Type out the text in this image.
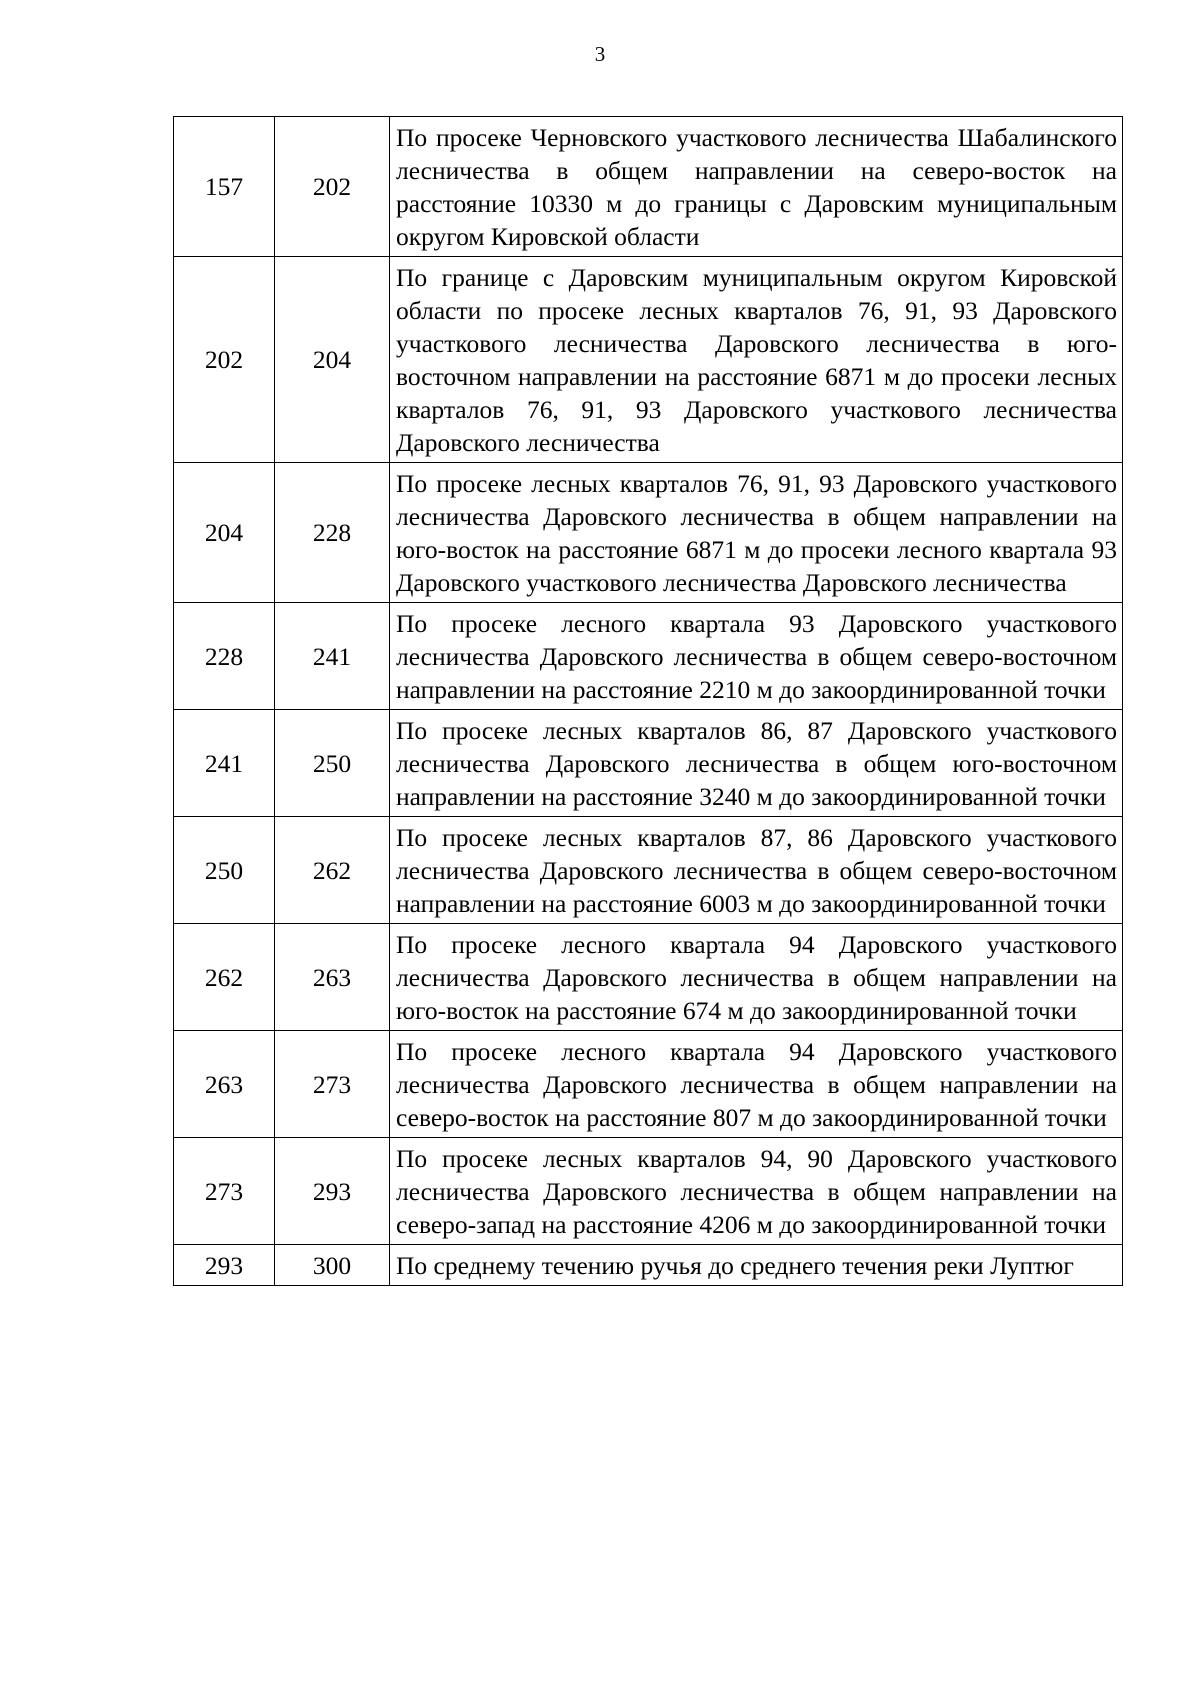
3
157	202	По просеке Черновского участкового лесничества Шабалинского лесничества в общем направлении на северо-восток на расстояние 10330 м до границы с Даровским муниципальным округом Кировской области
202	204	По границе с Даровским муниципальным округом Кировской области по просеке лесных кварталов 76, 91, 93 Даровского участкового лесничества Даровского лесничества в юго-восточном направлении на расстояние 6871 м до просеки лесных кварталов 76, 91, 93 Даровского участкового лесничества Даровского лесничества
204	228	По просеке лесных кварталов 76, 91, 93 Даровского участкового лесничества Даровского лесничества в общем направлении на юго-восток на расстояние 6871 м до просеки лесного квартала 93 Даровского участкового лесничества Даровского лесничества
228	241	По просеке лесного квартала 93 Даровского участкового лесничества Даровского лесничества в общем северо-восточном направлении на расстояние 2210 м до закоординированной точки
241	250	По просеке лесных кварталов 86, 87 Даровского участкового лесничества Даровского лесничества в общем юго-восточном направлении на расстояние 3240 м до закоординированной точки
250	262	По просеке лесных кварталов 87, 86 Даровского участкового лесничества Даровского лесничества в общем северо-восточном направлении на расстояние 6003 м до закоординированной точки
262	263	По просеке лесного квартала 94 Даровского участкового лесничества Даровского лесничества в общем направлении на юго-восток на расстояние 674 м до закоординированной точки
263	273	По просеке лесного квартала 94 Даровского участкового лесничества Даровского лесничества в общем направлении на северо-восток на расстояние 807 м до закоординированной точки
273	293	По просеке лесных кварталов 94, 90 Даровского участкового лесничества Даровского лесничества в общем направлении на северо-запад на расстояние 4206 м до закоординированной точки
293	300	По среднему течению ручья до среднего течения реки Луптюг
